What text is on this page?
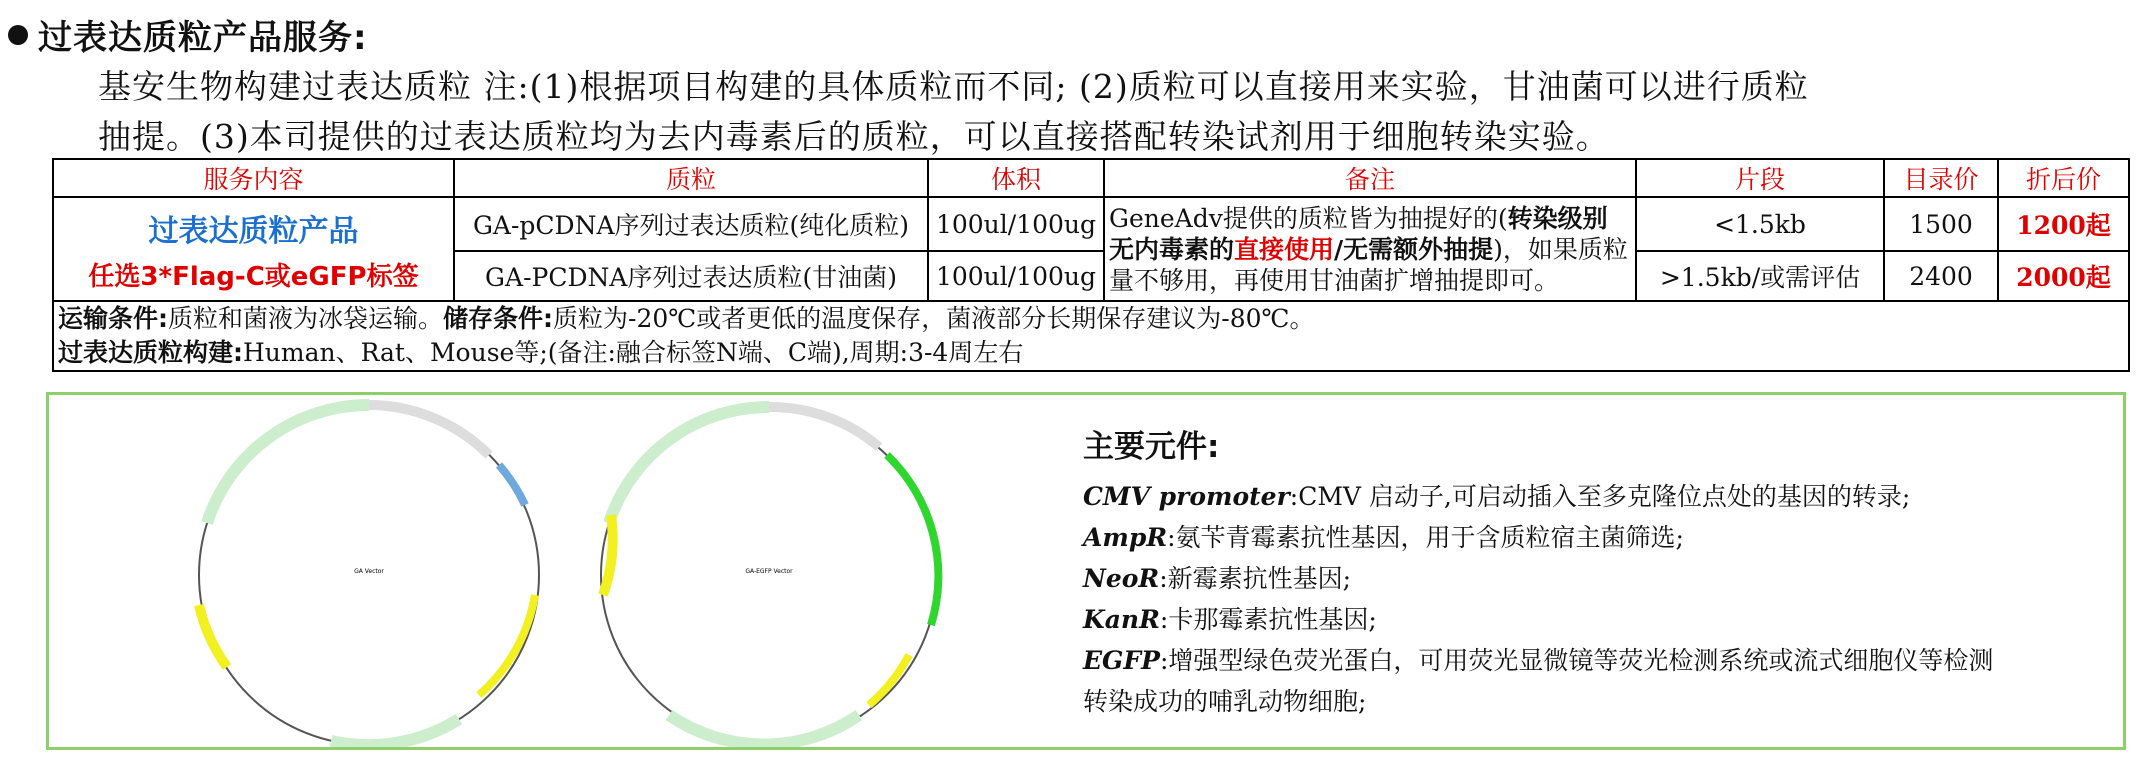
过表达质粒产品服务:
基安生物构建过表达质粒 注:(1)根据项目构建的具体质粒而不同; (2)质粒可以直接用来实验，甘油菌可以进行质粒
抽提。(3)本司提供的过表达质粒均为去内毒素后的质粒，可以直接搭配转染试剂用于细胞转染实验。
服务内容	质粒	体积	备注	片段	目录价	折后价

过表达质粒产品
任选3*Flag-C或eGFP标签	GA-pCDNA序列过表达质粒(纯化质粒)	100ul/100ug	GeneAdv提供的质粒皆为抽提好的(转染级别无内毒素的直接使用/无需额外抽提)，如果质粒量不够用，再使用甘油菌扩增抽提即可。	<1.5kb	1500	1200起
	GA-PCDNA序列过表达质粒(甘油菌)	100ul/100ug		>1.5kb/或需评估	2400	2000起

运输条件:质粒和菌液为冰袋运输。储存条件:质粒为-20℃或者更低的温度保存，菌液部分长期保存建议为-80℃。
过表达质粒构建:Human、Rat、Mouse等;(备注:融合标签N端、C端),周期:3-4周左右						
GA Vector	GA-EGFP Vector
主要元件:
CMV promoter:CMV 启动子,可启动插入至多克隆位点处的基因的转录;
AmpR:氨苄青霉素抗性基因，用于含质粒宿主菌筛选;
NeoR:新霉素抗性基因;
KanR:卡那霉素抗性基因;
EGFP:增强型绿色荧光蛋白，可用荧光显微镜等荧光检测系统或流式细胞仪等检测
转染成功的哺乳动物细胞;
